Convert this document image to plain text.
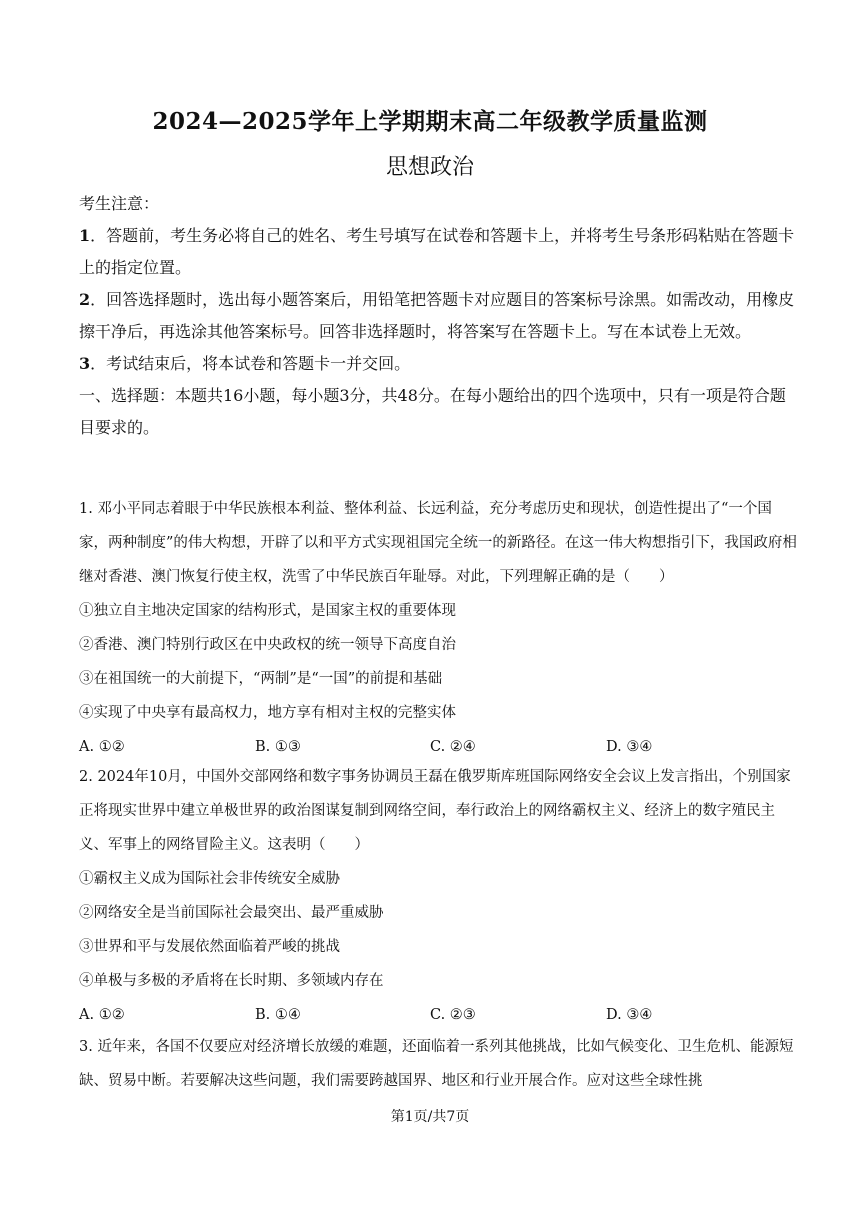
2024—2025学年上学期期末高二年级教学质量监测
思想政治

考生注意：

1．答题前，考生务必将自己的姓名、考生号填写在试卷和答题卡上，并将考生号条形码粘贴在答题卡上的指定位置。

2．回答选择题时，选出每小题答案后，用铅笔把答题卡对应题目的答案标号涂黑。如需改动，用橡皮擦干净后，再选涂其他答案标号。回答非选择题时，将答案写在答题卡上。写在本试卷上无效。

3．考试结束后，将本试卷和答题卡一并交回。

一、选择题：本题共16小题，每小题3分，共48分。在每小题给出的四个选项中，只有一项是符合题目要求的。

1. 邓小平同志着眼于中华民族根本利益、整体利益、长远利益，充分考虑历史和现状，创造性提出了“一个国家，两种制度”的伟大构想，开辟了以和平方式实现祖国完全统一的新路径。在这一伟大构想指引下，我国政府相继对香港、澳门恢复行使主权，洗雪了中华民族百年耻辱。对此，下列理解正确的是（　　）

①独立自主地决定国家的结构形式，是国家主权的重要体现

②香港、澳门特别行政区在中央政权的统一领导下高度自治

③在祖国统一的大前提下，“两制”是“一国”的前提和基础

④实现了中央享有最高权力，地方享有相对主权的完整实体

A. ①②	B. ①③	C. ②④	D. ③④

2. 2024年10月，中国外交部网络和数字事务协调员王磊在俄罗斯库班国际网络安全会议上发言指出，个别国家正将现实世界中建立单极世界的政治图谋复制到网络空间，奉行政治上的网络霸权主义、经济上的数字殖民主义、军事上的网络冒险主义。这表明（　　）

①霸权主义成为国际社会非传统安全威胁

②网络安全是当前国际社会最突出、最严重威胁

③世界和平与发展依然面临着严峻的挑战

④单极与多极的矛盾将在长时期、多领域内存在

A. ①②	B. ①④	C. ②③	D. ③④

3. 近年来，各国不仅要应对经济增长放缓的难题，还面临着一系列其他挑战，比如气候变化、卫生危机、能源短缺、贸易中断。若要解决这些问题，我们需要跨越国界、地区和行业开展合作。应对这些全球性挑

第1页/共7页
